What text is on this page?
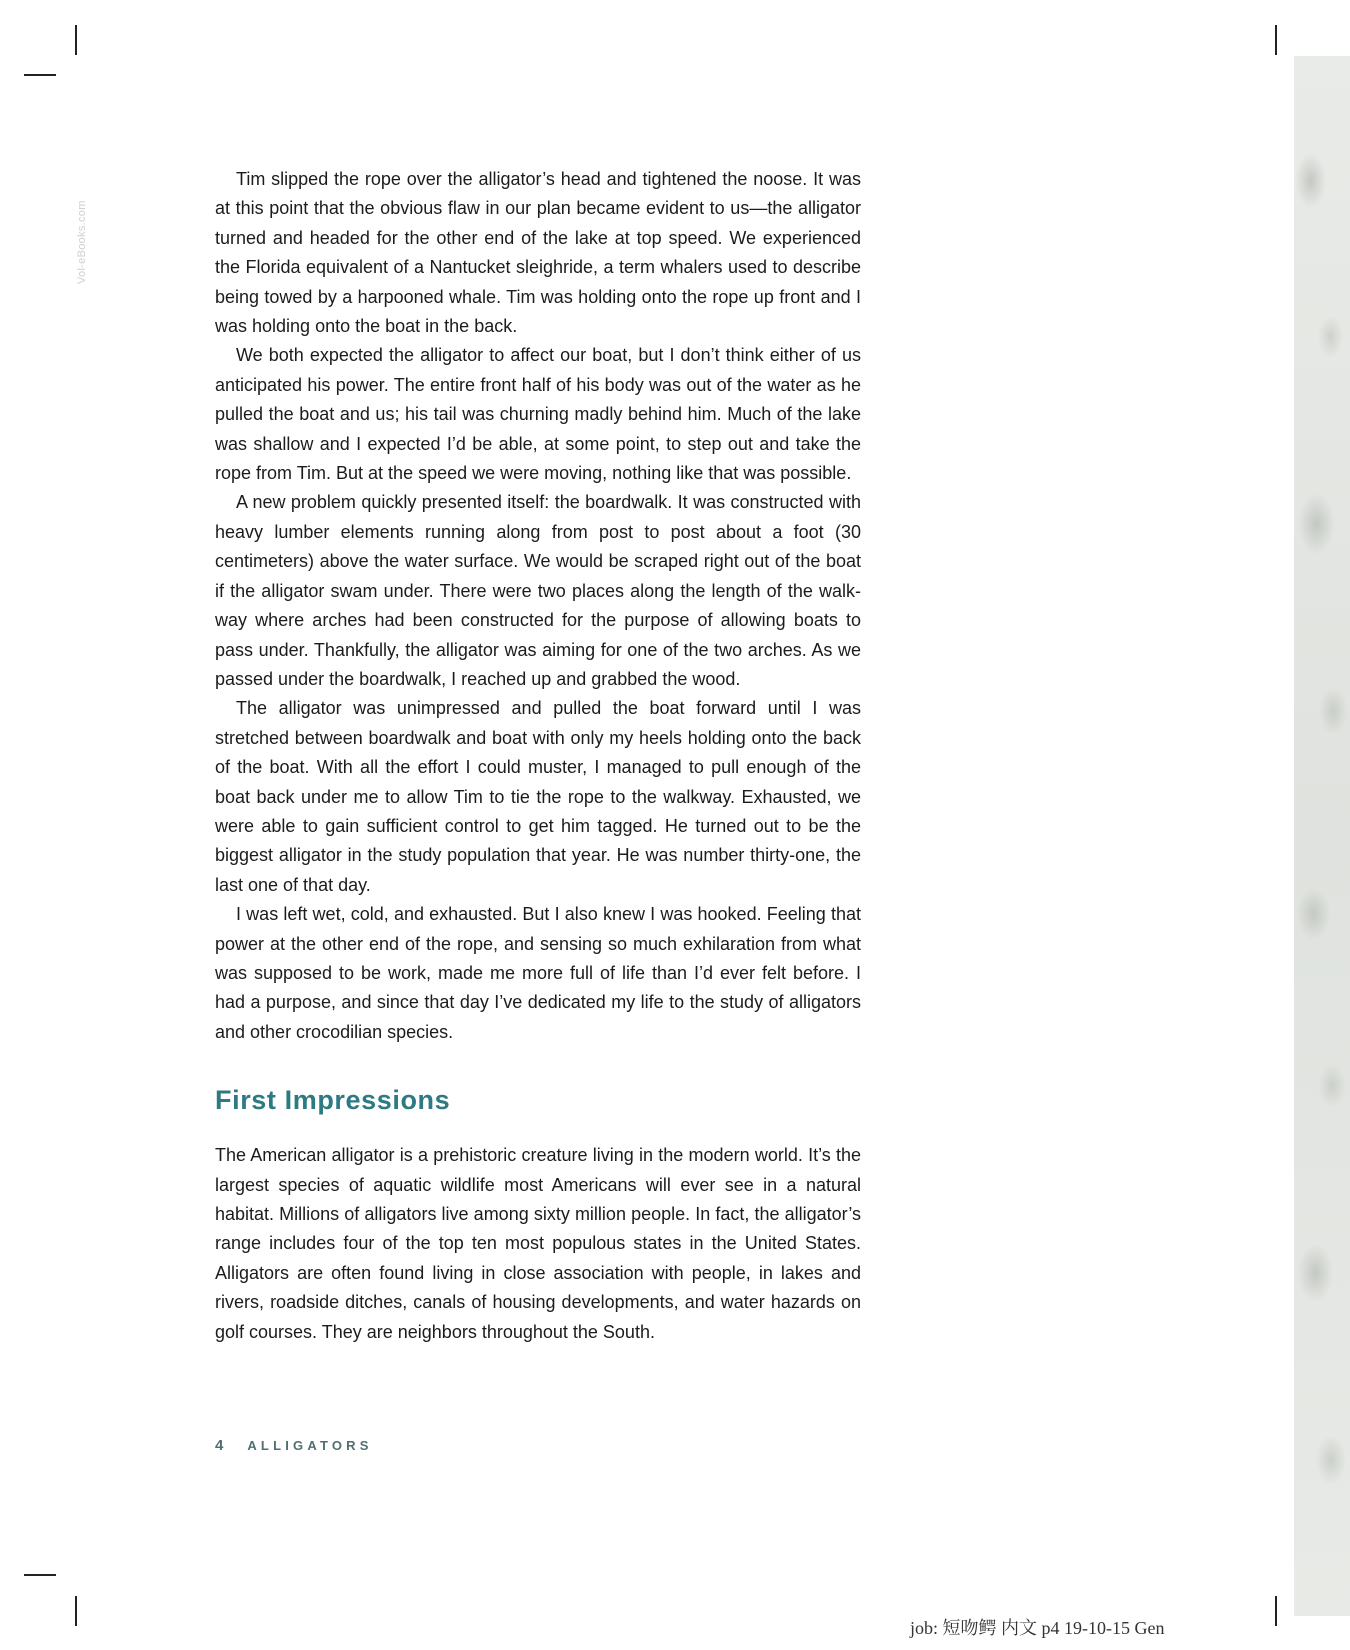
Vol-eBooks.com

Tim slipped the rope over the alligator’s head and tightened the noose. It was at this point that the obvious flaw in our plan became evident to us—the alligator turned and headed for the other end of the lake at top speed. We experienced the Florida equivalent of a Nantucket sleighride, a term whalers used to describe being towed by a harpooned whale. Tim was holding onto the rope up front and I was holding onto the boat in the back.

We both expected the alligator to affect our boat, but I don’t think either of us anticipated his power. The entire front half of his body was out of the water as he pulled the boat and us; his tail was churning madly behind him. Much of the lake was shallow and I expected I’d be able, at some point, to step out and take the rope from Tim. But at the speed we were moving, nothing like that was possible.

A new problem quickly presented itself: the boardwalk. It was constructed with heavy lumber elements running along from post to post about a foot (30 centimeters) above the water surface. We would be scraped right out of the boat if the alligator swam under. There were two places along the length of the walkway where arches had been constructed for the purpose of allowing boats to pass under. Thankfully, the alligator was aiming for one of the two arches. As we passed under the boardwalk, I reached up and grabbed the wood.

The alligator was unimpressed and pulled the boat forward until I was stretched between boardwalk and boat with only my heels holding onto the back of the boat. With all the effort I could muster, I managed to pull enough of the boat back under me to allow Tim to tie the rope to the walkway. Exhausted, we were able to gain sufficient control to get him tagged. He turned out to be the biggest alligator in the study population that year. He was number thirty-one, the last one of that day.

I was left wet, cold, and exhausted. But I also knew I was hooked. Feeling that power at the other end of the rope, and sensing so much exhilaration from what was supposed to be work, made me more full of life than I’d ever felt before. I had a purpose, and since that day I’ve dedicated my life to the study of alligators and other crocodilian species.

First Impressions

The American alligator is a prehistoric creature living in the modern world. It’s the largest species of aquatic wildlife most Americans will ever see in a natural habitat. Millions of alligators live among sixty million people. In fact, the alligator’s range includes four of the top ten most populous states in the United States. Alligators are often found living in close association with people, in lakes and rivers, roadside ditches, canals of housing developments, and water hazards on golf courses. They are neighbors throughout the South.

4 ALLIGATORS
job: 短吻鳄 内文 p4 19-10-15 Gen
